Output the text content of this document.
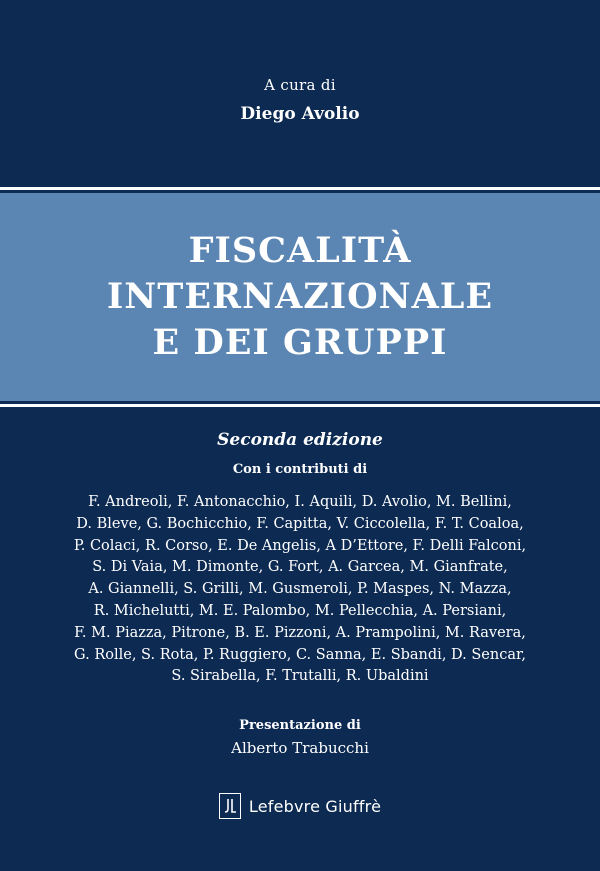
A cura di
Diego Avolio
FISCALITÀ
INTERNAZIONALE
E DEI GRUPPI
Seconda edizione
Con i contributi di
F. Andreoli, F. Antonacchio, I. Aquili, D. Avolio, M. Bellini,
D. Bleve, G. Bochicchio, F. Capitta, V. Ciccolella, F. T. Coaloa,
P. Colaci, R. Corso, E. De Angelis, A D’Ettore, F. Delli Falconi,
S. Di Vaia, M. Dimonte, G. Fort, A. Garcea, M. Gianfrate,
A. Giannelli, S. Grilli, M. Gusmeroli, P. Maspes, N. Mazza,
R. Michelutti, M. E. Palombo, M. Pellecchia, A. Persiani,
F. M. Piazza, Pitrone, B. E. Pizzoni, A. Prampolini, M. Ravera,
G. Rolle, S. Rota, P. Ruggiero, C. Sanna, E. Sbandi, D. Sencar,
S. Sirabella, F. Trutalli, R. Ubaldini
Presentazione di
Alberto Trabucchi
Lefebvre Giuffrè
